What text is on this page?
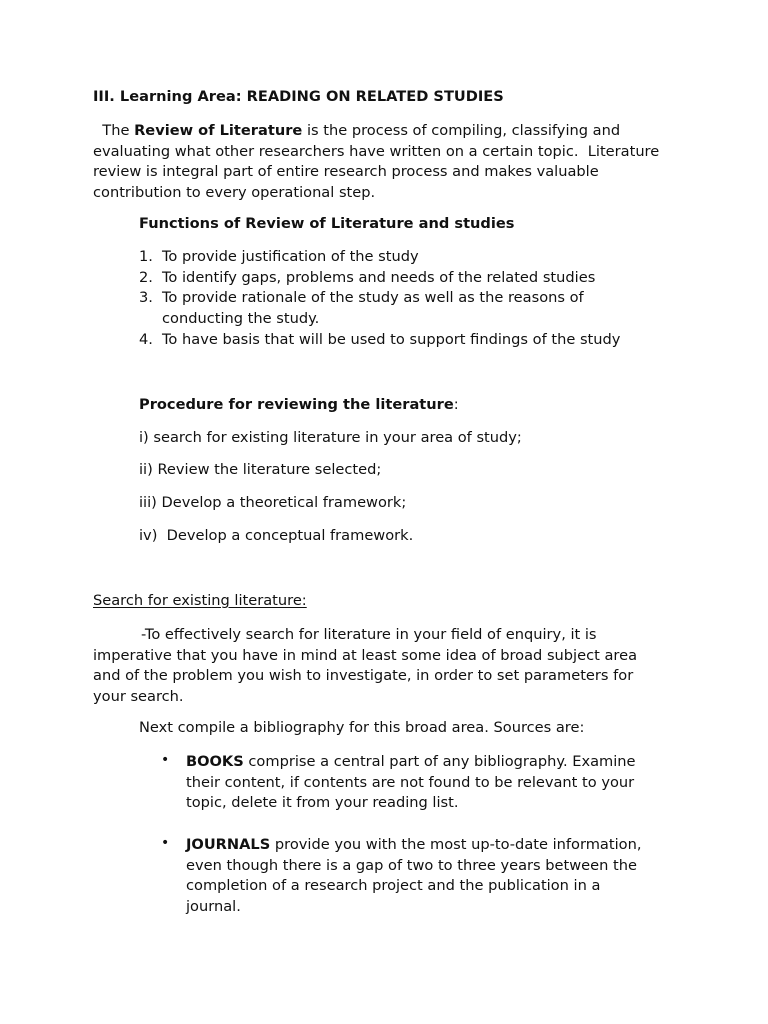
III. Learning Area: READING ON RELATED STUDIES

The Review of Literature is the process of compiling, classifying and
evaluating what other researchers have written on a certain topic.  Literature
review is integral part of entire research process and makes valuable
contribution to every operational step.

Functions of Review of Literature and studies

1. To provide justification of the study
2. To identify gaps, problems and needs of the related studies
3. To provide rationale of the study as well as the reasons of
conducting the study.
4. To have basis that will be used to support findings of the study

Procedure for reviewing the literature:

i) search for existing literature in your area of study;

ii) Review the literature selected;

iii) Develop a theoretical framework;

iv)  Develop a conceptual framework.

Search for existing literature:

-To effectively search for literature in your field of enquiry, it is
imperative that you have in mind at least some idea of broad subject area
and of the problem you wish to investigate, in order to set parameters for
your search.

Next compile a bibliography for this broad area. Sources are:

• BOOKS comprise a central part of any bibliography. Examine
their content, if contents are not found to be relevant to your
topic, delete it from your reading list.
• JOURNALS provide you with the most up-to-date information,
even though there is a gap of two to three years between the
completion of a research project and the publication in a
journal.
